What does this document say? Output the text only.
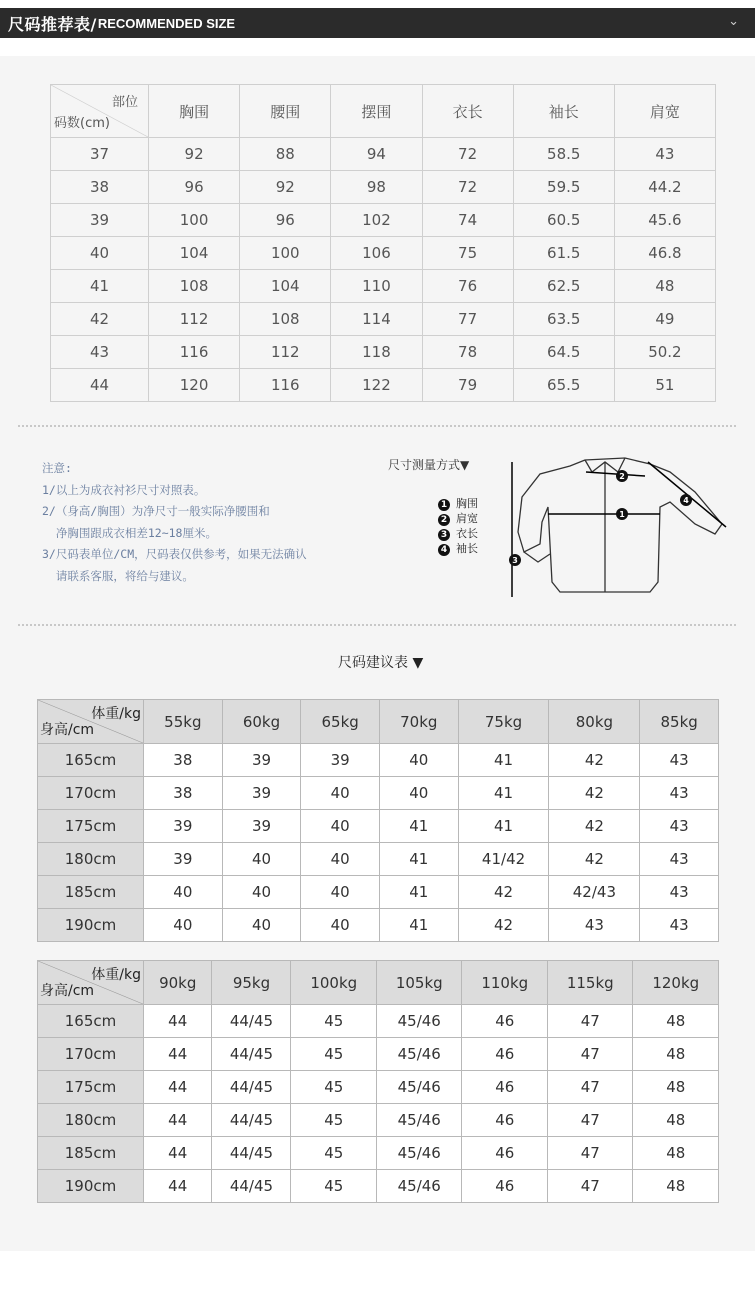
尺码推荐表/ RECOMMENDED SIZE	⌄
部位
码数(cm)	胸围	腰围	摆围	衣长	袖长	肩宽
37	92	88	94	72	58.5	43
38	96	92	98	72	59.5	44.2
39	100	96	102	74	60.5	45.6
40	104	100	106	75	61.5	46.8
41	108	104	110	76	62.5	48
42	112	108	114	77	63.5	49
43	116	112	118	78	64.5	50.2
44	120	116	122	79	65.5	51
注意:
1/以上为成衣衬衫尺寸对照表。
2/（身高/胸围）为净尺寸一般实际净腰围和
净胸围跟成衣相差12~18厘米。
3/尺码表单位/CM，尺码表仅供参考，如果无法确认
请联系客服，将给与建议。
尺寸测量方式▼
1 胸围
2 肩宽
3 衣长
4 袖长
1
2
3
4
尺码建议表 ▼
体重/kg
身高/cm	55kg	60kg	65kg	70kg	75kg	80kg	85kg
165cm	38	39	39	40	41	42	43
170cm	38	39	40	40	41	42	43
175cm	39	39	40	41	41	42	43
180cm	39	40	40	41	41/42	42	43
185cm	40	40	40	41	42	42/43	43
190cm	40	40	40	41	42	43	43
体重/kg
身高/cm	90kg	95kg	100kg	105kg	110kg	115kg	120kg
165cm	44	44/45	45	45/46	46	47	48
170cm	44	44/45	45	45/46	46	47	48
175cm	44	44/45	45	45/46	46	47	48
180cm	44	44/45	45	45/46	46	47	48
185cm	44	44/45	45	45/46	46	47	48
190cm	44	44/45	45	45/46	46	47	48
